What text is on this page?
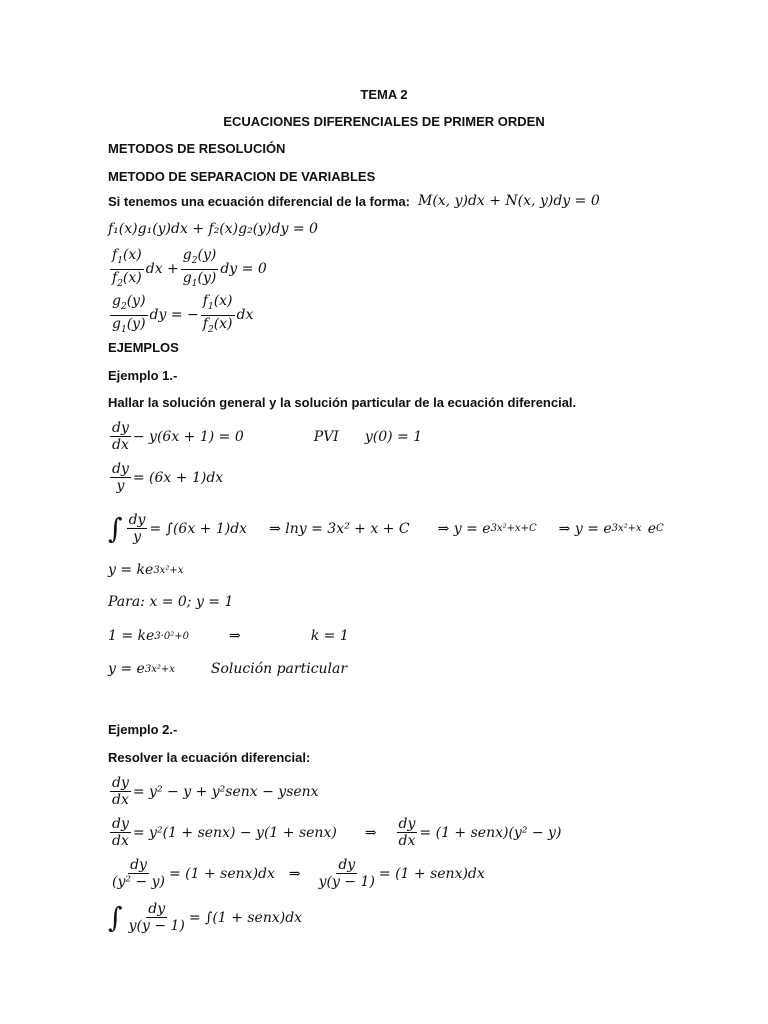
TEMA 2
ECUACIONES DIFERENCIALES DE PRIMER ORDEN
METODOS DE RESOLUCIÓN
METODO DE SEPARACION DE VARIABLES
Si tenemos una ecuación diferencial de la forma: M(x, y)dx + N(x, y)dy = 0
f₁(x)g₁(y)dx + f₂(x)g₂(y)dy = 0
$\frac{f_1(x)}{f_2(x)}$ dx + $\frac{g_2(y)}{g_1(y)}$ dy = 0
$\frac{g_2(y)}{g_1(y)}$ dy = − $\frac{f_1(x)}{f_2(x)}$ dx
EJEMPLOS
Ejemplo 1.-
Hallar la solución general y la solución particular de la ecuación diferencial.
$\frac{dy}{dx} - y(6x + 1) = 0$	PVI y(0) = 1
$\frac{dy}{y} = (6x + 1)dx$
∫ $\frac{dy}{y} = \int(6x + 1)dx$ ⇒ lny = 3x² + x + C ⇒ y = e 3x²+x+C ⇒ y = e 3x²+x e C
y = ke 3x²+x
Para: x = 0; y = 1
1 = ke 3·0²+0	⇒	k = 1
y = e 3x²+x	Solución particular
Ejemplo 2.-
Resolver la ecuación diferencial:
$\frac{dy}{dx} = y^2 - y$ + y²senx − ysenx
$\frac{dy}{dx} = y^2(1$ + senx) − y(1 + senx) ⇒ $\frac{dy}{dx} = (1$ + senx)(y² − y)
$\frac{dy}{\text{(y² − y)}} = (1$ + senx)dx ⇒ $\frac{dy}{y(y - 1)} = (1$ + senx)dx
∫ $\frac{dy}{y(y - 1)} = \int(1$ + senx)dx
